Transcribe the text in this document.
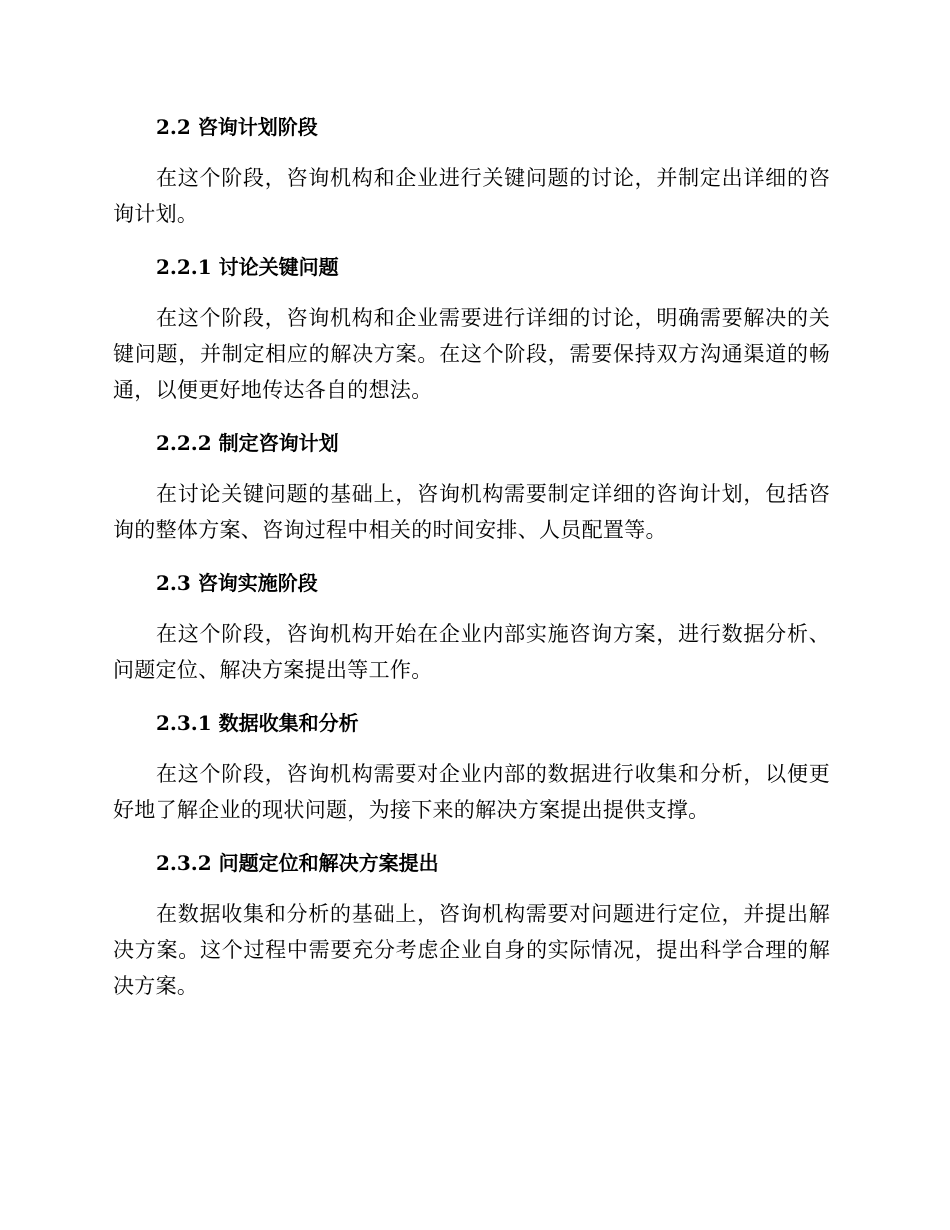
2.2 咨询计划阶段

在这个阶段，咨询机构和企业进行关键问题的讨论，并制定出详细的咨询计划。

2.2.1 讨论关键问题

在这个阶段，咨询机构和企业需要进行详细的讨论，明确需要解决的关键问题，并制定相应的解决方案。在这个阶段，需要保持双方沟通渠道的畅通，以便更好地传达各自的想法。

2.2.2 制定咨询计划

在讨论关键问题的基础上，咨询机构需要制定详细的咨询计划，包括咨询的整体方案、咨询过程中相关的时间安排、人员配置等。

2.3 咨询实施阶段

在这个阶段，咨询机构开始在企业内部实施咨询方案，进行数据分析、问题定位、解决方案提出等工作。

2.3.1 数据收集和分析

在这个阶段，咨询机构需要对企业内部的数据进行收集和分析，以便更好地了解企业的现状问题，为接下来的解决方案提出提供支撑。

2.3.2 问题定位和解决方案提出

在数据收集和分析的基础上，咨询机构需要对问题进行定位，并提出解决方案。这个过程中需要充分考虑企业自身的实际情况，提出科学合理的解决方案。
